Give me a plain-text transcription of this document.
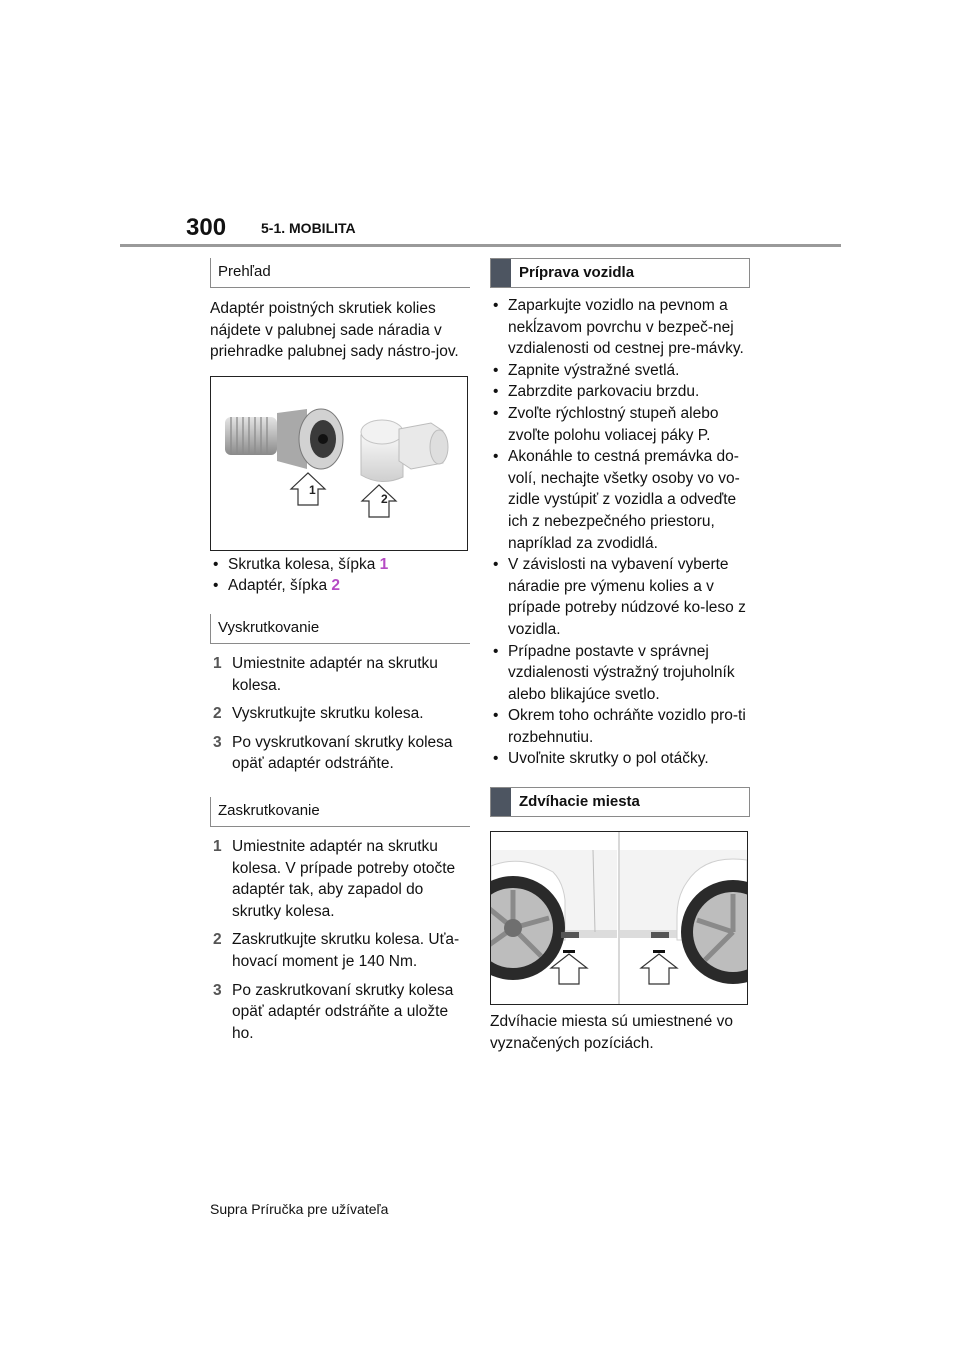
300 5-1. MOBILITA
Prehľad

Adaptér poistných skrutiek kolies nájdete v palubnej sade náradia v priehradke palubnej sady nástro-jov.

1
2
• Skrutka kolesa, šípka 1
• Adaptér, šípka 2
Vyskrutkovanie
1 Umiestnite adaptér na skrutku kolesa.
2 Vyskrutkujte skrutku kolesa.
3 Po vyskrutkovaní skrutky kolesa opäť adaptér odstráňte.
Zaskrutkovanie
1 Umiestnite adaptér na skrutku kolesa. V prípade potreby otočte adaptér tak, aby zapadol do skrutky kolesa.
2 Zaskrutkujte skrutku kolesa. Uťa-hovací moment je 140 Nm.
3 Po zaskrutkovaní skrutky kolesa opäť adaptér odstráňte a uložte ho.
Príprava vozidla
• Zaparkujte vozidlo na pevnom a nekĺzavom povrchu v bezpeč-nej vzdialenosti od cestnej pre-mávky.
• Zapnite výstražné svetlá.
• Zabrzdite parkovaciu brzdu.
• Zvoľte rýchlostný stupeň alebo zvoľte polohu voliacej páky P.
• Akonáhle to cestná premávka do-volí, nechajte všetky osoby vo vo-zidle vystúpiť z vozidla a odveďte ich z nebezpečného priestoru, napríklad za zvodidlá.
• V závislosti na vybavení vyberte náradie pre výmenu kolies a v prípade potreby núdzové ko-leso z vozidla.
• Prípadne postavte v správnej vzdialenosti výstražný trojuholník alebo blikajúce svetlo.
• Okrem toho ochráňte vozidlo pro-ti rozbehnutiu.
• Uvoľnite skrutky o pol otáčky.
Zdvíhacie miesta

Zdvíhacie miesta sú umiestnené vo vyznačených pozíciách.

Supra Príručka pre užívateľa
